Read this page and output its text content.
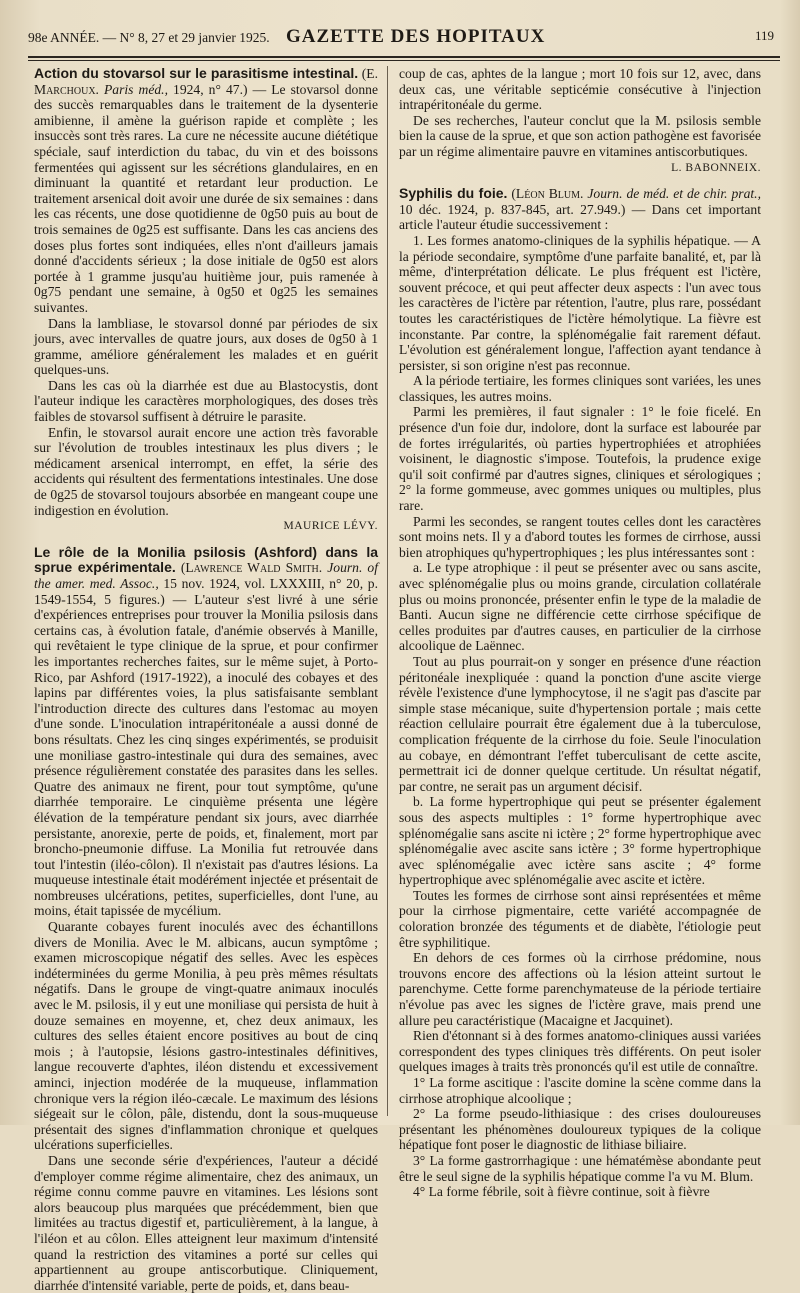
98e ANNÉE. — N° 8, 27 et 29 janvier 1925. GAZETTE DES HOPITAUX	119

Action du stovarsol sur le parasitisme intestinal. (E. Marchoux. Paris méd., 1924, n° 47.) — Le stovarsol donne des succès remarquables dans le traitement de la dysenterie amibienne, il amène la guérison rapide et complète ; les insuccès sont très rares. La cure ne nécessite aucune diététique spéciale, sauf interdiction du tabac, du vin et des boissons fermentées qui agissent sur les sécrétions glandulaires, en en diminuant la quantité et retardant leur production. Le traitement arsenical doit avoir une durée de six semaines : dans les cas récents, une dose quotidienne de 0g50 puis au bout de trois semaines de 0g25 est suffisante. Dans les cas anciens des doses plus fortes sont indiquées, elles n'ont d'ailleurs jamais donné d'accidents sérieux ; la dose initiale de 0g50 est alors portée à 1 gramme jusqu'au huitième jour, puis ramenée à 0g75 pendant une semaine, à 0g50 et 0g25 les semaines suivantes.

Dans la lambliase, le stovarsol donné par périodes de six jours, avec intervalles de quatre jours, aux doses de 0g50 à 1 gramme, améliore généralement les malades et en guérit quelques-uns.

Dans les cas où la diarrhée est due au Blastocystis, dont l'auteur indique les caractères morphologiques, des doses très faibles de stovarsol suffisent à détruire le parasite.

Enfin, le stovarsol aurait encore une action très favorable sur l'évolution de troubles intestinaux les plus divers ; le médicament arsenical interrompt, en effet, la série des accidents qui résultent des fermentations intestinales. Une dose de 0g25 de stovarsol toujours absorbée en mangeant coupe une indigestion en évolution.

MAURICE LÉVY.

Le rôle de la Monilia psilosis (Ashford) dans la sprue expérimentale. (Lawrence Wald Smith. Journ. of the amer. med. Assoc., 15 nov. 1924, vol. LXXXIII, n° 20, p. 1549-1554, 5 figures.) — L'auteur s'est livré à une série d'expériences entreprises pour trouver la Monilia psilosis dans certains cas, à évolution fatale, d'anémie observés à Manille, qui revêtaient le type clinique de la sprue, et pour confirmer les importantes recherches faites, sur le même sujet, à Porto-Rico, par Ashford (1917-1922), a inoculé des cobayes et des lapins par différentes voies, la plus satisfaisante semblant l'introduction directe des cultures dans l'estomac au moyen d'une sonde. L'inoculation intrapéritonéale a aussi donné de bons résultats. Chez les cinq singes expérimentés, se produisit une moniliase gastro-intestinale qui dura des semaines, avec présence régulièrement constatée des parasites dans les selles. Quatre des animaux ne firent, pour tout symptôme, qu'une diarrhée temporaire. Le cinquième présenta une légère élévation de la température pendant six jours, avec diarrhée persistante, anorexie, perte de poids, et, finalement, mort par broncho-pneumonie diffuse. La Monilia fut retrouvée dans tout l'intestin (iléo-côlon). Il n'existait pas d'autres lésions. La muqueuse intestinale était modérément injectée et présentait de nombreuses ulcérations, petites, superficielles, dont l'une, au moins, était tapissée de mycélium.

Quarante cobayes furent inoculés avec des échantillons divers de Monilia. Avec le M. albicans, aucun symptôme ; examen microscopique négatif des selles. Avec les espèces indéterminées du germe Monilia, à peu près mêmes résultats négatifs. Dans le groupe de vingt-quatre animaux inoculés avec le M. psilosis, il y eut une moniliase qui persista de huit à douze semaines en moyenne, et, chez deux animaux, les cultures des selles étaient encore positives au bout de cinq mois ; à l'autopsie, lésions gastro-intestinales définitives, langue recouverte d'aphtes, iléon distendu et excessivement aminci, injection modérée de la muqueuse, inflammation chronique vers la région iléo-cæcale. Le maximum des lésions siégeait sur le côlon, pâle, distendu, dont la sous-muqueuse présentait des signes d'inflammation chronique et quelques ulcérations superficielles.

Dans une seconde série d'expériences, l'auteur a décidé d'employer comme régime alimentaire, chez des animaux, un régime connu comme pauvre en vitamines. Les lésions sont alors beaucoup plus marquées que précédemment, bien que limitées au tractus digestif et, particulièrement, à la langue, à l'iléon et au côlon. Elles atteignent leur maximum d'intensité quand la restriction des vitamines a porté sur celles qui appartiennent au groupe antiscorbutique. Cliniquement, diarrhée d'intensité variable, perte de poids, et, dans beau-

coup de cas, aphtes de la langue ; mort 10 fois sur 12, avec, dans deux cas, une véritable septicémie consécutive à l'injection intrapéritonéale du germe.

De ses recherches, l'auteur conclut que la M. psilosis semble bien la cause de la sprue, et que son action pathogène est favorisée par un régime alimentaire pauvre en vitamines antiscorbutiques.

L. BABONNEIX.

Syphilis du foie. (Léon Blum. Journ. de méd. et de chir. prat., 10 déc. 1924, p. 837-845, art. 27.949.) — Dans cet important article l'auteur étudie successivement :

1. Les formes anatomo-cliniques de la syphilis hépatique. — A la période secondaire, symptôme d'une parfaite banalité, et, par là même, d'interprétation délicate. Le plus fréquent est l'ictère, souvent précoce, et qui peut affecter deux aspects : l'un avec tous les caractères de l'ictère par rétention, l'autre, plus rare, possédant toutes les caractéristiques de l'ictère hémolytique. La fièvre est inconstante. Par contre, la splénomégalie fait rarement défaut. L'évolution est généralement longue, l'affection ayant tendance à persister, si son origine n'est pas reconnue.

A la période tertiaire, les formes cliniques sont variées, les unes classiques, les autres moins.

Parmi les premières, il faut signaler : 1° le foie ficelé. En présence d'un foie dur, indolore, dont la surface est labourée par de fortes irrégularités, où parties hypertrophiées et atrophiées voisinent, le diagnostic s'impose. Toutefois, la prudence exige qu'il soit confirmé par d'autres signes, cliniques et sérologiques ; 2° la forme gommeuse, avec gommes uniques ou multiples, plus rare.

Parmi les secondes, se rangent toutes celles dont les caractères sont moins nets. Il y a d'abord toutes les formes de cirrhose, aussi bien atrophiques qu'hypertrophiques ; les plus intéressantes sont :

a. Le type atrophique : il peut se présenter avec ou sans ascite, avec splénomégalie plus ou moins grande, circulation collatérale plus ou moins prononcée, présenter enfin le type de la maladie de Banti. Aucun signe ne différencie cette cirrhose spécifique de celles produites par d'autres causes, en particulier de la cirrhose alcoolique de Laënnec.

Tout au plus pourrait-on y songer en présence d'une réaction péritonéale inexpliquée : quand la ponction d'une ascite vierge révèle l'existence d'une lymphocytose, il ne s'agit pas d'ascite par simple stase mécanique, suite d'hypertension portale ; mais cette réaction cellulaire pourrait être également due à la tuberculose, complication fréquente de la cirrhose du foie. Seule l'inoculation au cobaye, en démontrant l'effet tuberculisant de cette ascite, permettrait ici de donner quelque certitude. Un résultat négatif, par contre, ne serait pas un argument décisif.

b. La forme hypertrophique qui peut se présenter également sous des aspects multiples : 1° forme hypertrophique avec splénomégalie sans ascite ni ictère ; 2° forme hypertrophique avec splénomégalie avec ascite sans ictère ; 3° forme hypertrophique avec splénomégalie avec ictère sans ascite ; 4° forme hypertrophique avec splénomégalie avec ascite et ictère.

Toutes les formes de cirrhose sont ainsi représentées et même pour la cirrhose pigmentaire, cette variété accompagnée de coloration bronzée des téguments et de diabète, l'étiologie peut être syphilitique.

En dehors de ces formes où la cirrhose prédomine, nous trouvons encore des affections où la lésion atteint surtout le parenchyme. Cette forme parenchymateuse de la période tertiaire n'évolue pas avec les signes de l'ictère grave, mais prend une allure peu caractéristique (Macaigne et Jacquinet).

Rien d'étonnant si à des formes anatomo-cliniques aussi variées correspondent des types cliniques très différents. On peut isoler quelques images à traits très prononcés qu'il est utile de connaître.

1° La forme ascitique : l'ascite domine la scène comme dans la cirrhose atrophique alcoolique ;

2° La forme pseudo-lithiasique : des crises douloureuses présentant les phénomènes douloureux typiques de la colique hépatique font poser le diagnostic de lithiase biliaire.

3° La forme gastrorrhagique : une hématémèse abondante peut être le seul signe de la syphilis hépatique comme l'a vu M. Blum.

4° La forme fébrile, soit à fièvre continue, soit à fièvre
